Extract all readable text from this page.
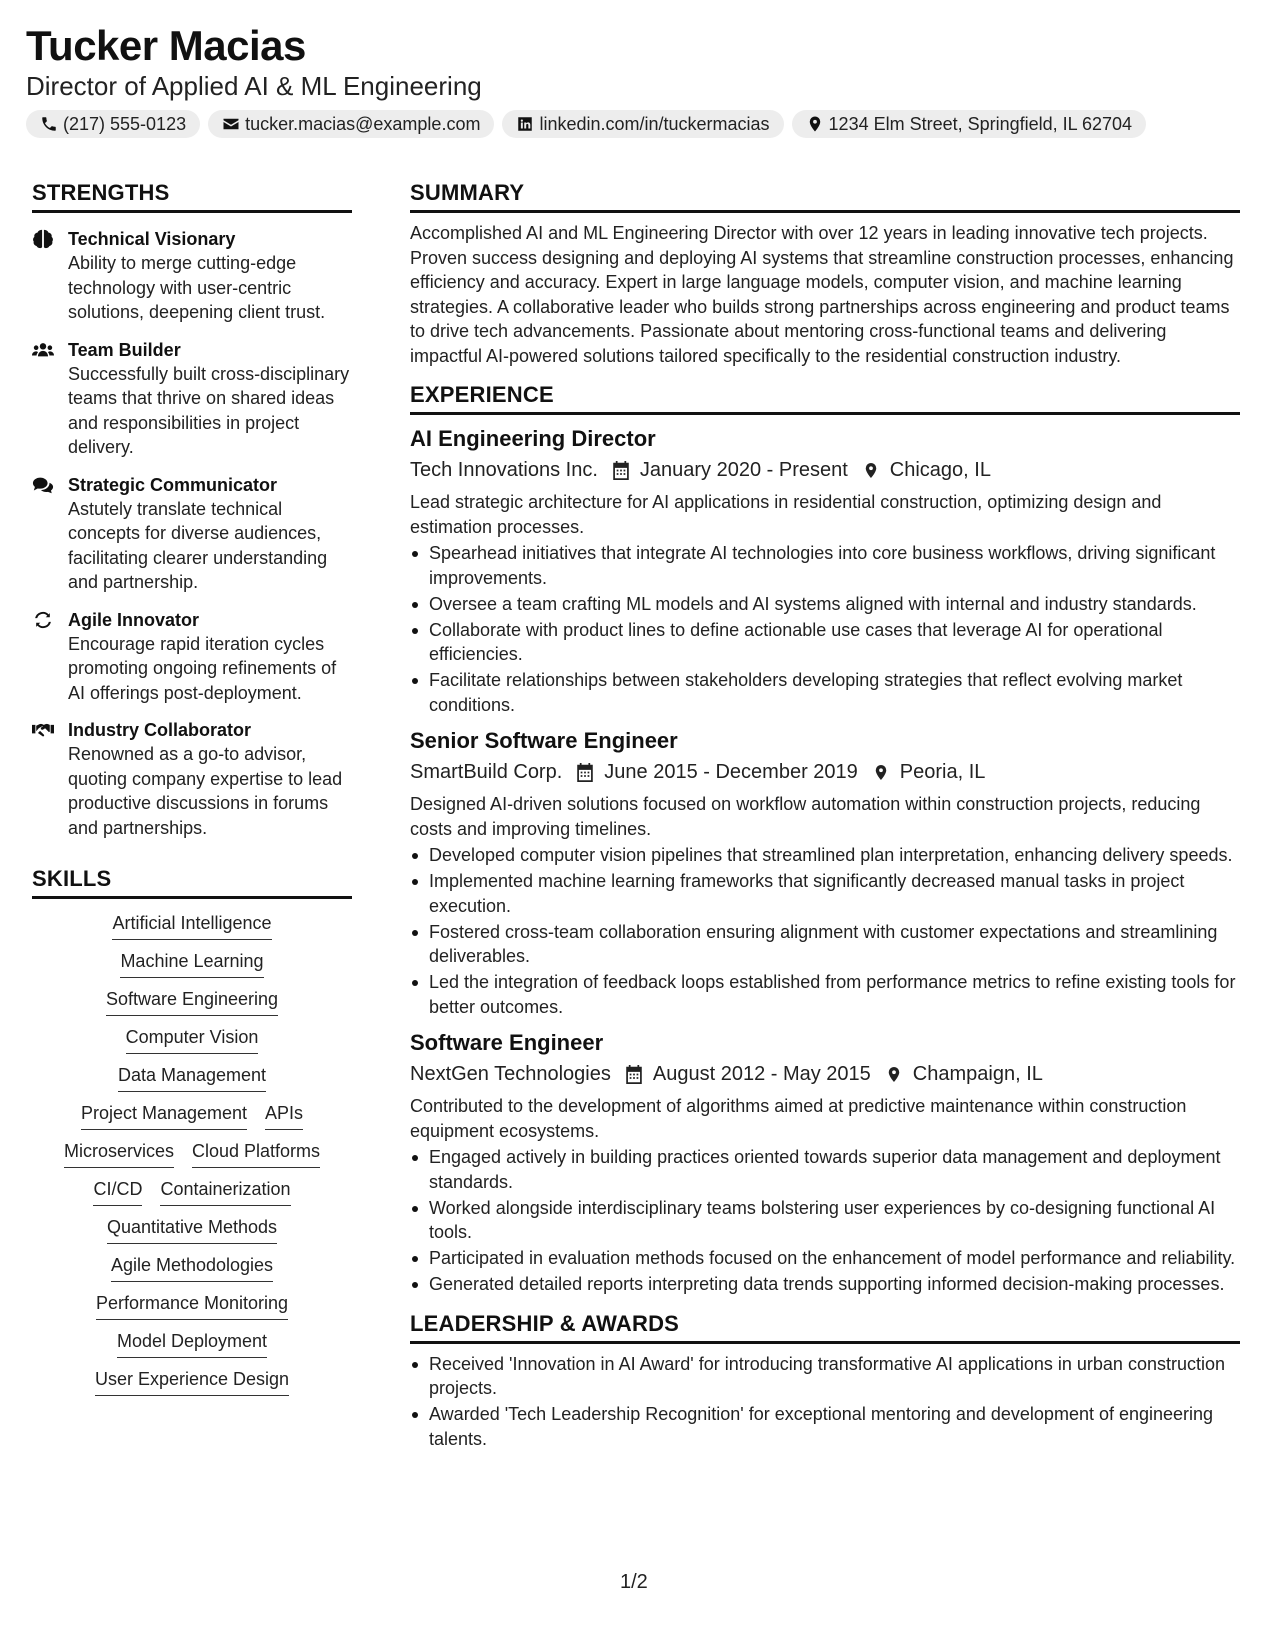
Tucker Macias
Director of Applied AI & ML Engineering
(217) 555-0123	tucker.macias@example.com	linkedin.com/in/tuckermacias	1234 Elm Street, Springfield, IL 62704
STRENGTHS
Technical Visionary
Ability to merge cutting-edge technology with user-centric solutions, deepening client trust.
Team Builder
Successfully built cross-disciplinary teams that thrive on shared ideas and responsibilities in project delivery.
Strategic Communicator
Astutely translate technical concepts for diverse audiences, facilitating clearer understanding and partnership.
Agile Innovator
Encourage rapid iteration cycles promoting ongoing refinements of AI offerings post-deployment.
Industry Collaborator
Renowned as a go-to advisor, quoting company expertise to lead productive discussions in forums and partnerships.
SKILLS
Artificial Intelligence
Machine Learning
Software Engineering
Computer Vision
Data Management
Project Management APIs
Microservices Cloud Platforms
CI/CD Containerization
Quantitative Methods
Agile Methodologies
Performance Monitoring
Model Deployment
User Experience Design
SUMMARY
Accomplished AI and ML Engineering Director with over 12 years in leading innovative tech projects. Proven success designing and deploying AI systems that streamline construction processes, enhancing efficiency and accuracy. Expert in large language models, computer vision, and machine learning strategies. A collaborative leader who builds strong partnerships across engineering and product teams to drive tech advancements. Passionate about mentoring cross-functional teams and delivering impactful AI-powered solutions tailored specifically to the residential construction industry.
EXPERIENCE
AI Engineering Director
Tech Innovations Inc. January 2020 - Present Chicago, IL
Lead strategic architecture for AI applications in residential construction, optimizing design and estimation processes.
Spearhead initiatives that integrate AI technologies into core business workflows, driving significant improvements.
Oversee a team crafting ML models and AI systems aligned with internal and industry standards.
Collaborate with product lines to define actionable use cases that leverage AI for operational efficiencies.
Facilitate relationships between stakeholders developing strategies that reflect evolving market conditions.
Senior Software Engineer
SmartBuild Corp. June 2015 - December 2019 Peoria, IL
Designed AI-driven solutions focused on workflow automation within construction projects, reducing costs and improving timelines.
Developed computer vision pipelines that streamlined plan interpretation, enhancing delivery speeds.
Implemented machine learning frameworks that significantly decreased manual tasks in project execution.
Fostered cross-team collaboration ensuring alignment with customer expectations and streamlining deliverables.
Led the integration of feedback loops established from performance metrics to refine existing tools for better outcomes.
Software Engineer
NextGen Technologies August 2012 - May 2015 Champaign, IL
Contributed to the development of algorithms aimed at predictive maintenance within construction equipment ecosystems.
Engaged actively in building practices oriented towards superior data management and deployment standards.
Worked alongside interdisciplinary teams bolstering user experiences by co-designing functional AI tools.
Participated in evaluation methods focused on the enhancement of model performance and reliability.
Generated detailed reports interpreting data trends supporting informed decision-making processes.
LEADERSHIP & AWARDS
Received 'Innovation in AI Award' for introducing transformative AI applications in urban construction projects.
Awarded 'Tech Leadership Recognition' for exceptional mentoring and development of engineering talents.
1/2
